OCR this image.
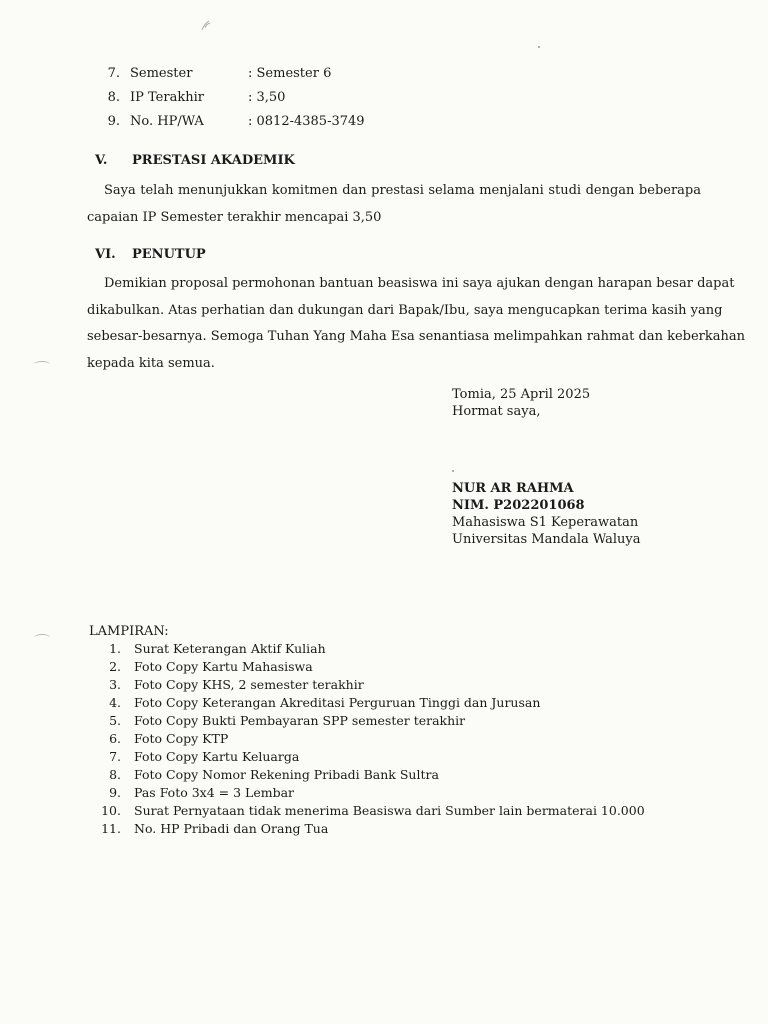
7. Semester	: Semester 6
8. IP Terakhir	: 3,50
9. No. HP/WA	: 0812-4385-3749
V. PRESTASI AKADEMIK
Saya telah menunjukkan komitmen dan prestasi selama menjalani studi dengan beberapa
capaian IP Semester terakhir mencapai 3,50
VI. PENUTUP
Demikian proposal permohonan bantuan beasiswa ini saya ajukan dengan harapan besar dapat
dikabulkan. Atas perhatian dan dukungan dari Bapak/Ibu, saya mengucapkan terima kasih yang
sebesar-besarnya. Semoga Tuhan Yang Maha Esa senantiasa melimpahkan rahmat dan keberkahan
kepada kita semua.
Tomia, 25 April 2025
Hormat saya,
NUR AR RAHMA
NIM. P202201068
Mahasiswa S1 Keperawatan
Universitas Mandala Waluya
LAMPIRAN:
1. Surat Keterangan Aktif Kuliah
2. Foto Copy Kartu Mahasiswa
3. Foto Copy KHS, 2 semester terakhir
4. Foto Copy Keterangan Akreditasi Perguruan Tinggi dan Jurusan
5. Foto Copy Bukti Pembayaran SPP semester terakhir
6. Foto Copy KTP
7. Foto Copy Kartu Keluarga
8. Foto Copy Nomor Rekening Pribadi Bank Sultra
9. Pas Foto 3x4 = 3 Lembar
10. Surat Pernyataan tidak menerima Beasiswa dari Sumber lain bermaterai 10.000
11. No. HP Pribadi dan Orang Tua
